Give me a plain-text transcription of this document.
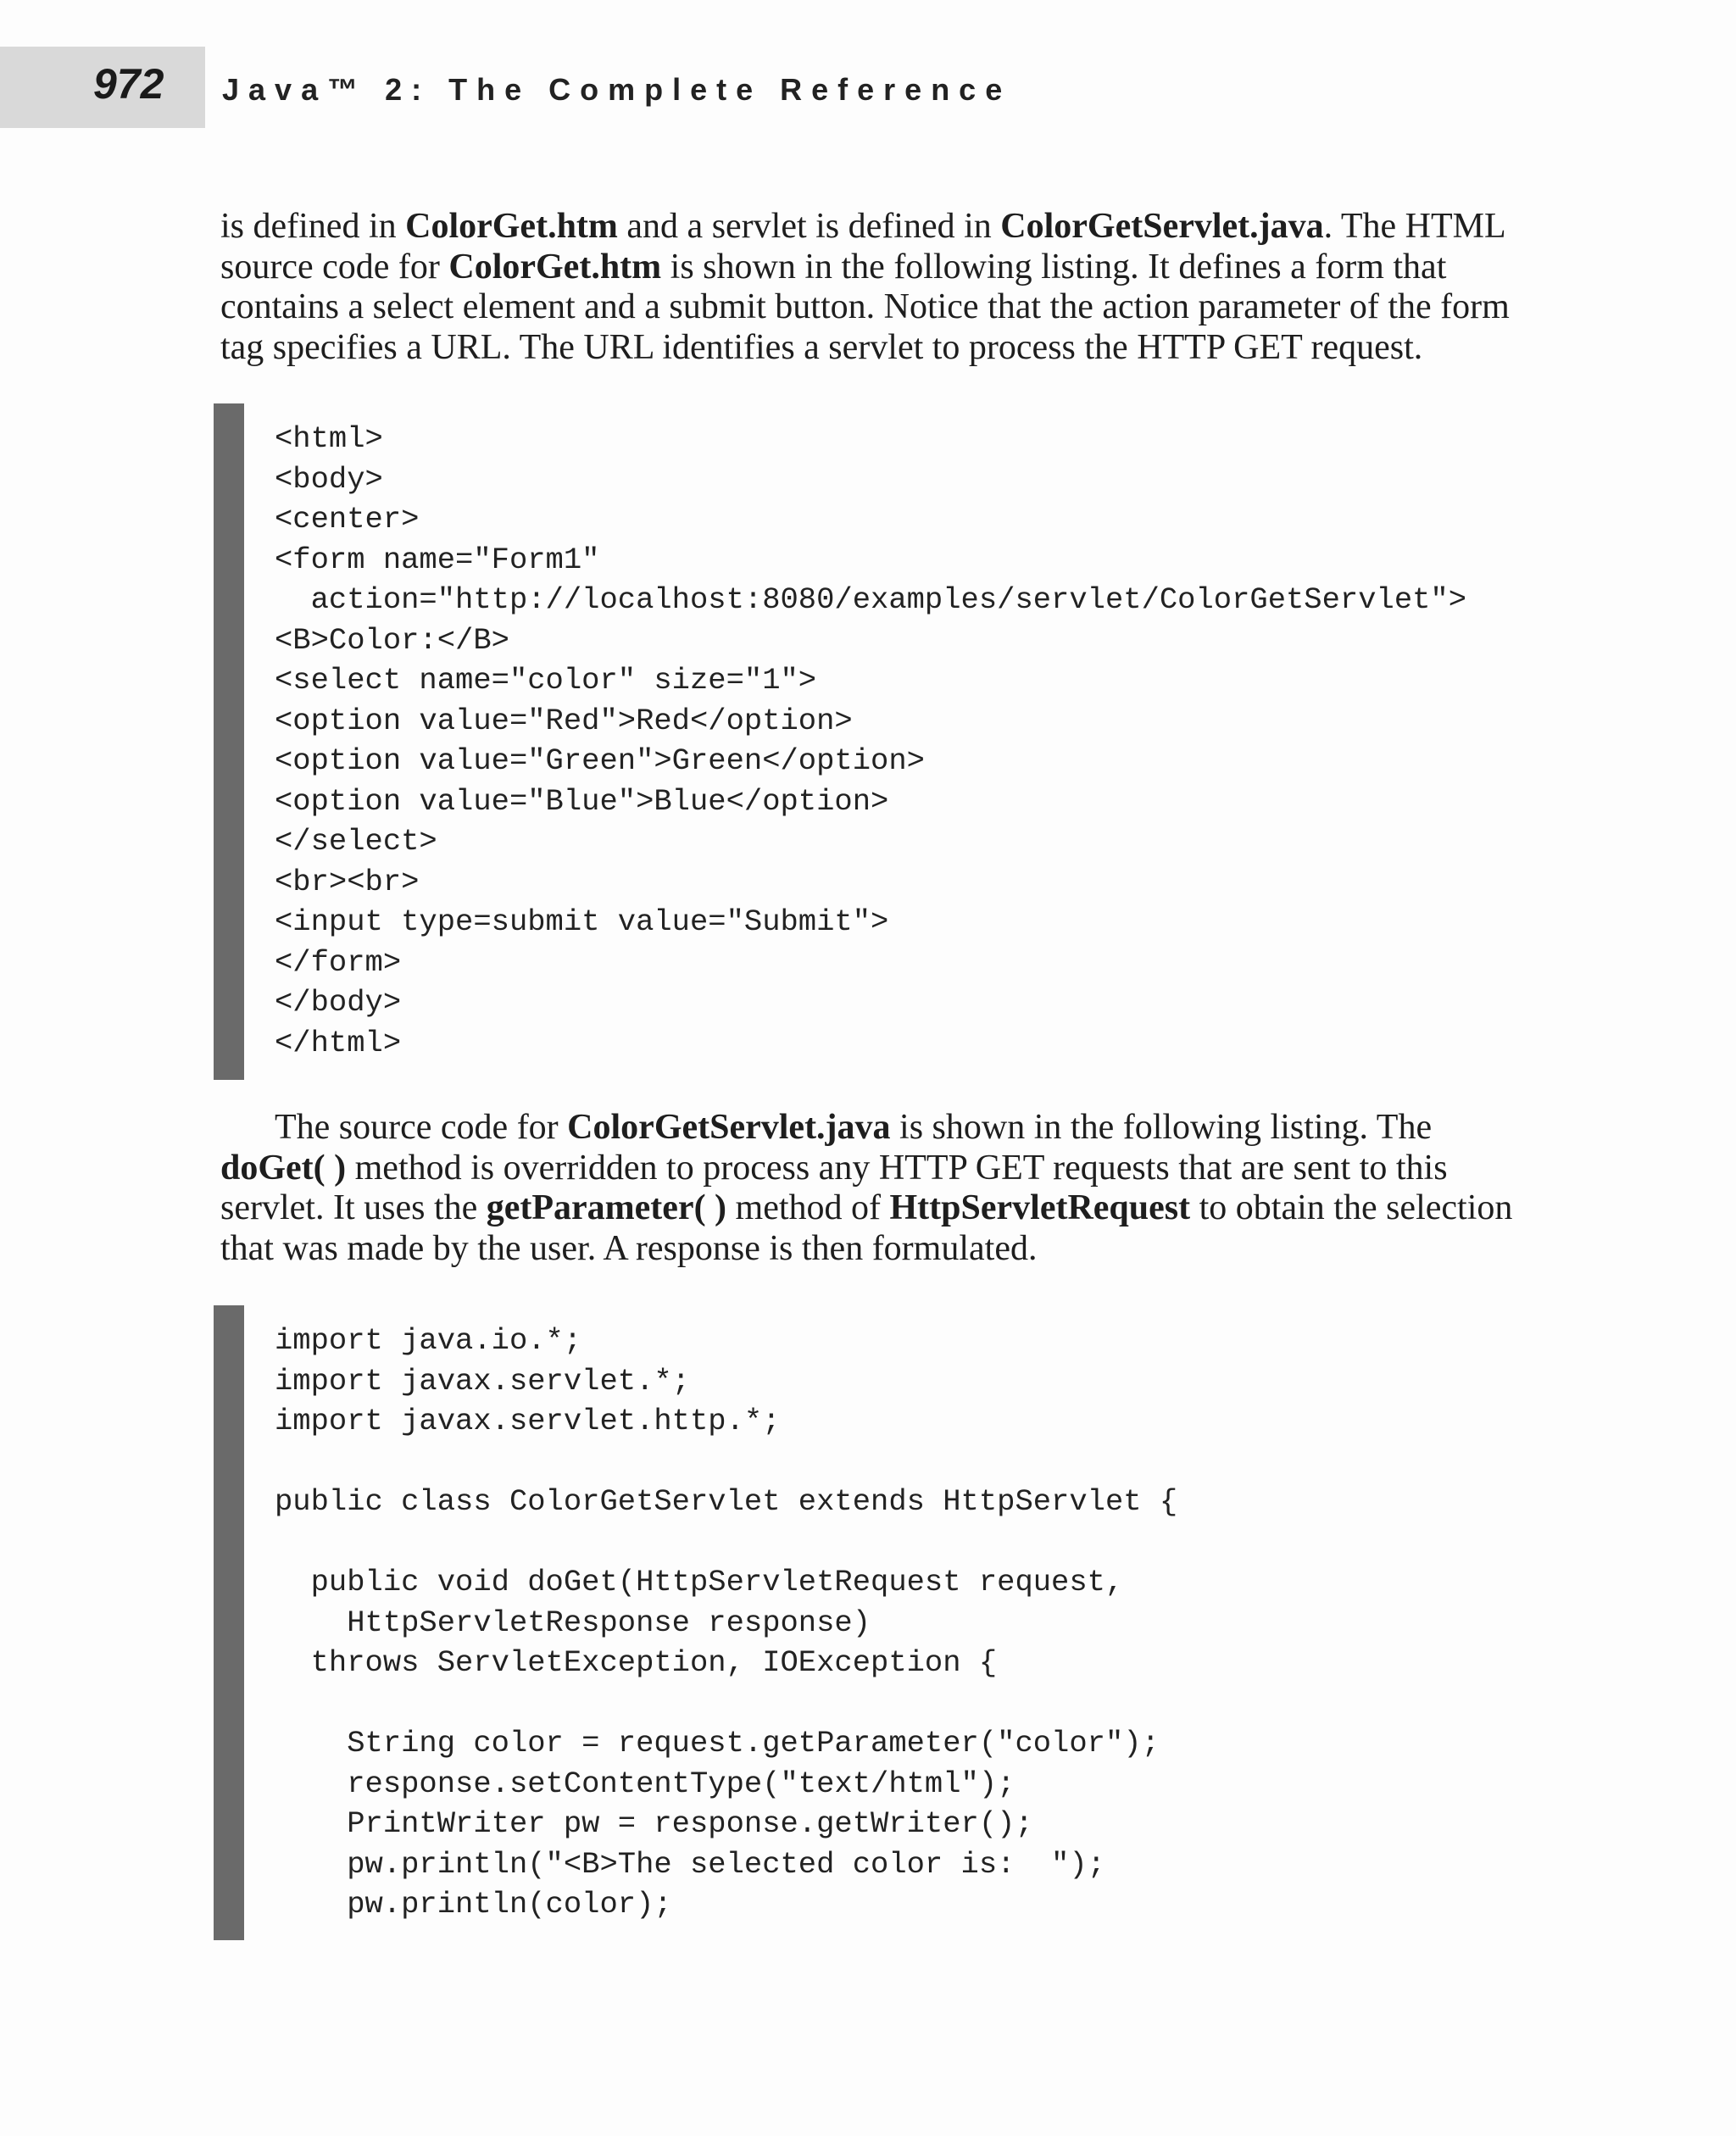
972 Java™ 2: The Complete Reference

is defined in ColorGet.htm and a servlet is defined in ColorGetServlet.java. The HTML source code for ColorGet.htm is shown in the following listing. It defines a form that contains a select element and a submit button. Notice that the action parameter of the form tag specifies a URL. The URL identifies a servlet to process the HTTP GET request.

<html>
<body>
<center>
<form name="Form1"
action="http://localhost:8080/examples/servlet/ColorGetServlet">
<B>Color:</B>
<select name="color" size="1">
<option value="Red">Red</option>
<option value="Green">Green</option>
<option value="Blue">Blue</option>
</select>
<br><br>
<input type=submit value="Submit">
</form>
</body>
</html>

The source code for ColorGetServlet.java is shown in the following listing. The doGet( ) method is overridden to process any HTTP GET requests that are sent to this servlet. It uses the getParameter( ) method of HttpServletRequest to obtain the selection that was made by the user. A response is then formulated.

import java.io.*;
import javax.servlet.*;
import javax.servlet.http.*;
public class ColorGetServlet extends HttpServlet {
public void doGet(HttpServletRequest request,
HttpServletResponse response)
throws ServletException, IOException {
String color = request.getParameter("color");
response.setContentType("text/html");
PrintWriter pw = response.getWriter();
pw.println("<B>The selected color is:  ");
pw.println(color);
